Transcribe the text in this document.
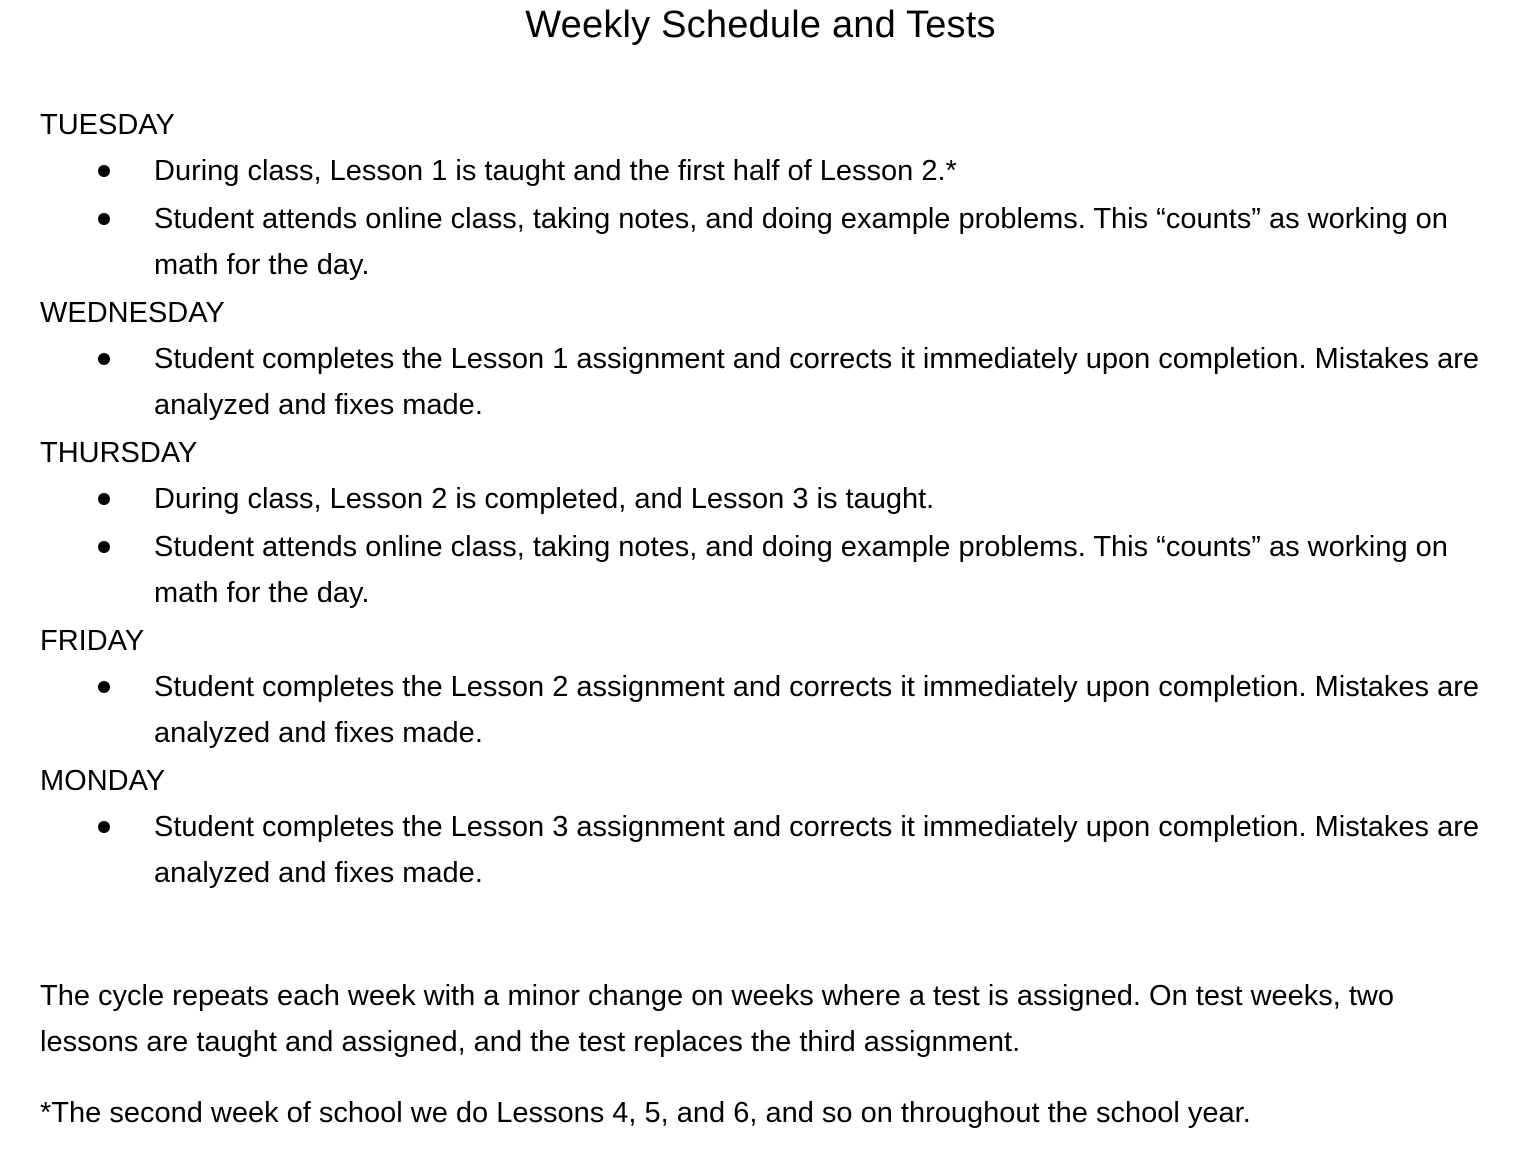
Weekly Schedule and Tests

TUESDAY

During class, Lesson 1 is taught and the first half of Lesson 2.*
Student attends online class, taking notes, and doing example problems. This “counts” as working on math for the day.

WEDNESDAY

Student completes the Lesson 1 assignment and corrects it immediately upon completion. Mistakes are analyzed and fixes made.

THURSDAY

During class, Lesson 2 is completed, and Lesson 3 is taught.
Student attends online class, taking notes, and doing example problems. This “counts” as working on math for the day.

FRIDAY

Student completes the Lesson 2 assignment and corrects it immediately upon completion. Mistakes are analyzed and fixes made.

MONDAY

Student completes the Lesson 3 assignment and corrects it immediately upon completion. Mistakes are analyzed and fixes made.

The cycle repeats each week with a minor change on weeks where a test is assigned. On test weeks, two lessons are taught and assigned, and the test replaces the third assignment.

*The second week of school we do Lessons 4, 5, and 6, and so on throughout the school year.
